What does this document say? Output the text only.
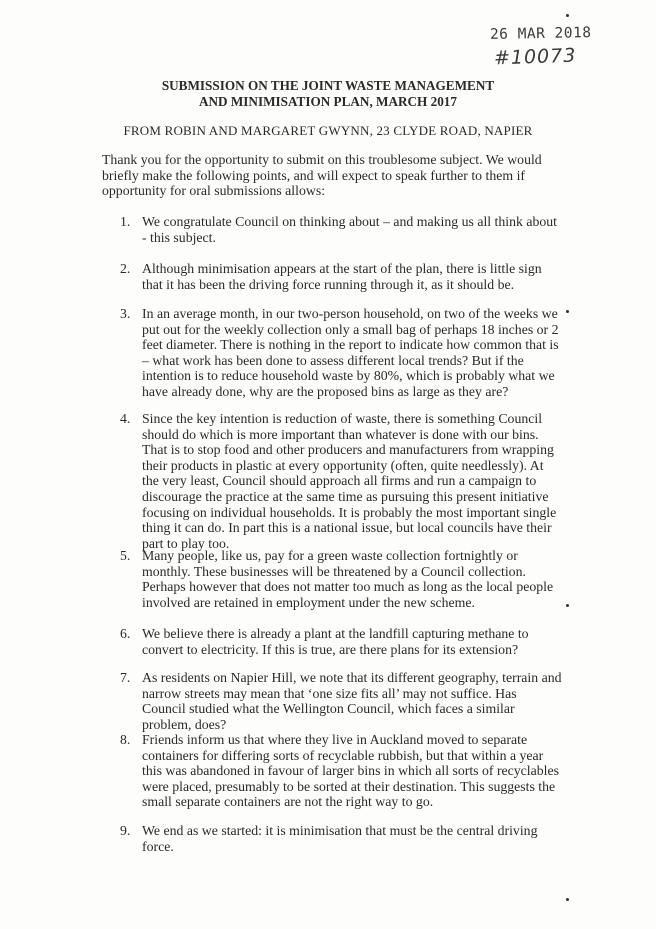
26 MAR 2018
#10073
SUBMISSION ON THE JOINT WASTE MANAGEMENT
AND MINIMISATION PLAN, MARCH 2017
FROM ROBIN AND MARGARET GWYNN, 23 CLYDE ROAD, NAPIER
Thank you for the opportunity to submit on this troublesome subject. We would briefly make the following points, and will expect to speak further to them if opportunity for oral submissions allows:
1. We congratulate Council on thinking about – and making us all think about - this subject.
2. Although minimisation appears at the start of the plan, there is little sign that it has been the driving force running through it, as it should be.
3. In an average month, in our two-person household, on two of the weeks we put out for the weekly collection only a small bag of perhaps 18 inches or 2 feet diameter. There is nothing in the report to indicate how common that is – what work has been done to assess different local trends? But if the intention is to reduce household waste by 80%, which is probably what we have already done, why are the proposed bins as large as they are?
4. Since the key intention is reduction of waste, there is something Council should do which is more important than whatever is done with our bins. That is to stop food and other producers and manufacturers from wrapping their products in plastic at every opportunity (often, quite needlessly). At the very least, Council should approach all firms and run a campaign to discourage the practice at the same time as pursuing this present initiative focusing on individual households. It is probably the most important single thing it can do. In part this is a national issue, but local councils have their part to play too.
5. Many people, like us, pay for a green waste collection fortnightly or monthly. These businesses will be threatened by a Council collection. Perhaps however that does not matter too much as long as the local people involved are retained in employment under the new scheme.
6. We believe there is already a plant at the landfill capturing methane to convert to electricity. If this is true, are there plans for its extension?
7. As residents on Napier Hill, we note that its different geography, terrain and narrow streets may mean that ‘one size fits all’ may not suffice. Has Council studied what the Wellington Council, which faces a similar problem, does?
8. Friends inform us that where they live in Auckland moved to separate containers for differing sorts of recyclable rubbish, but that within a year this was abandoned in favour of larger bins in which all sorts of recyclables were placed, presumably to be sorted at their destination. This suggests the small separate containers are not the right way to go.
9. We end as we started: it is minimisation that must be the central driving force.
